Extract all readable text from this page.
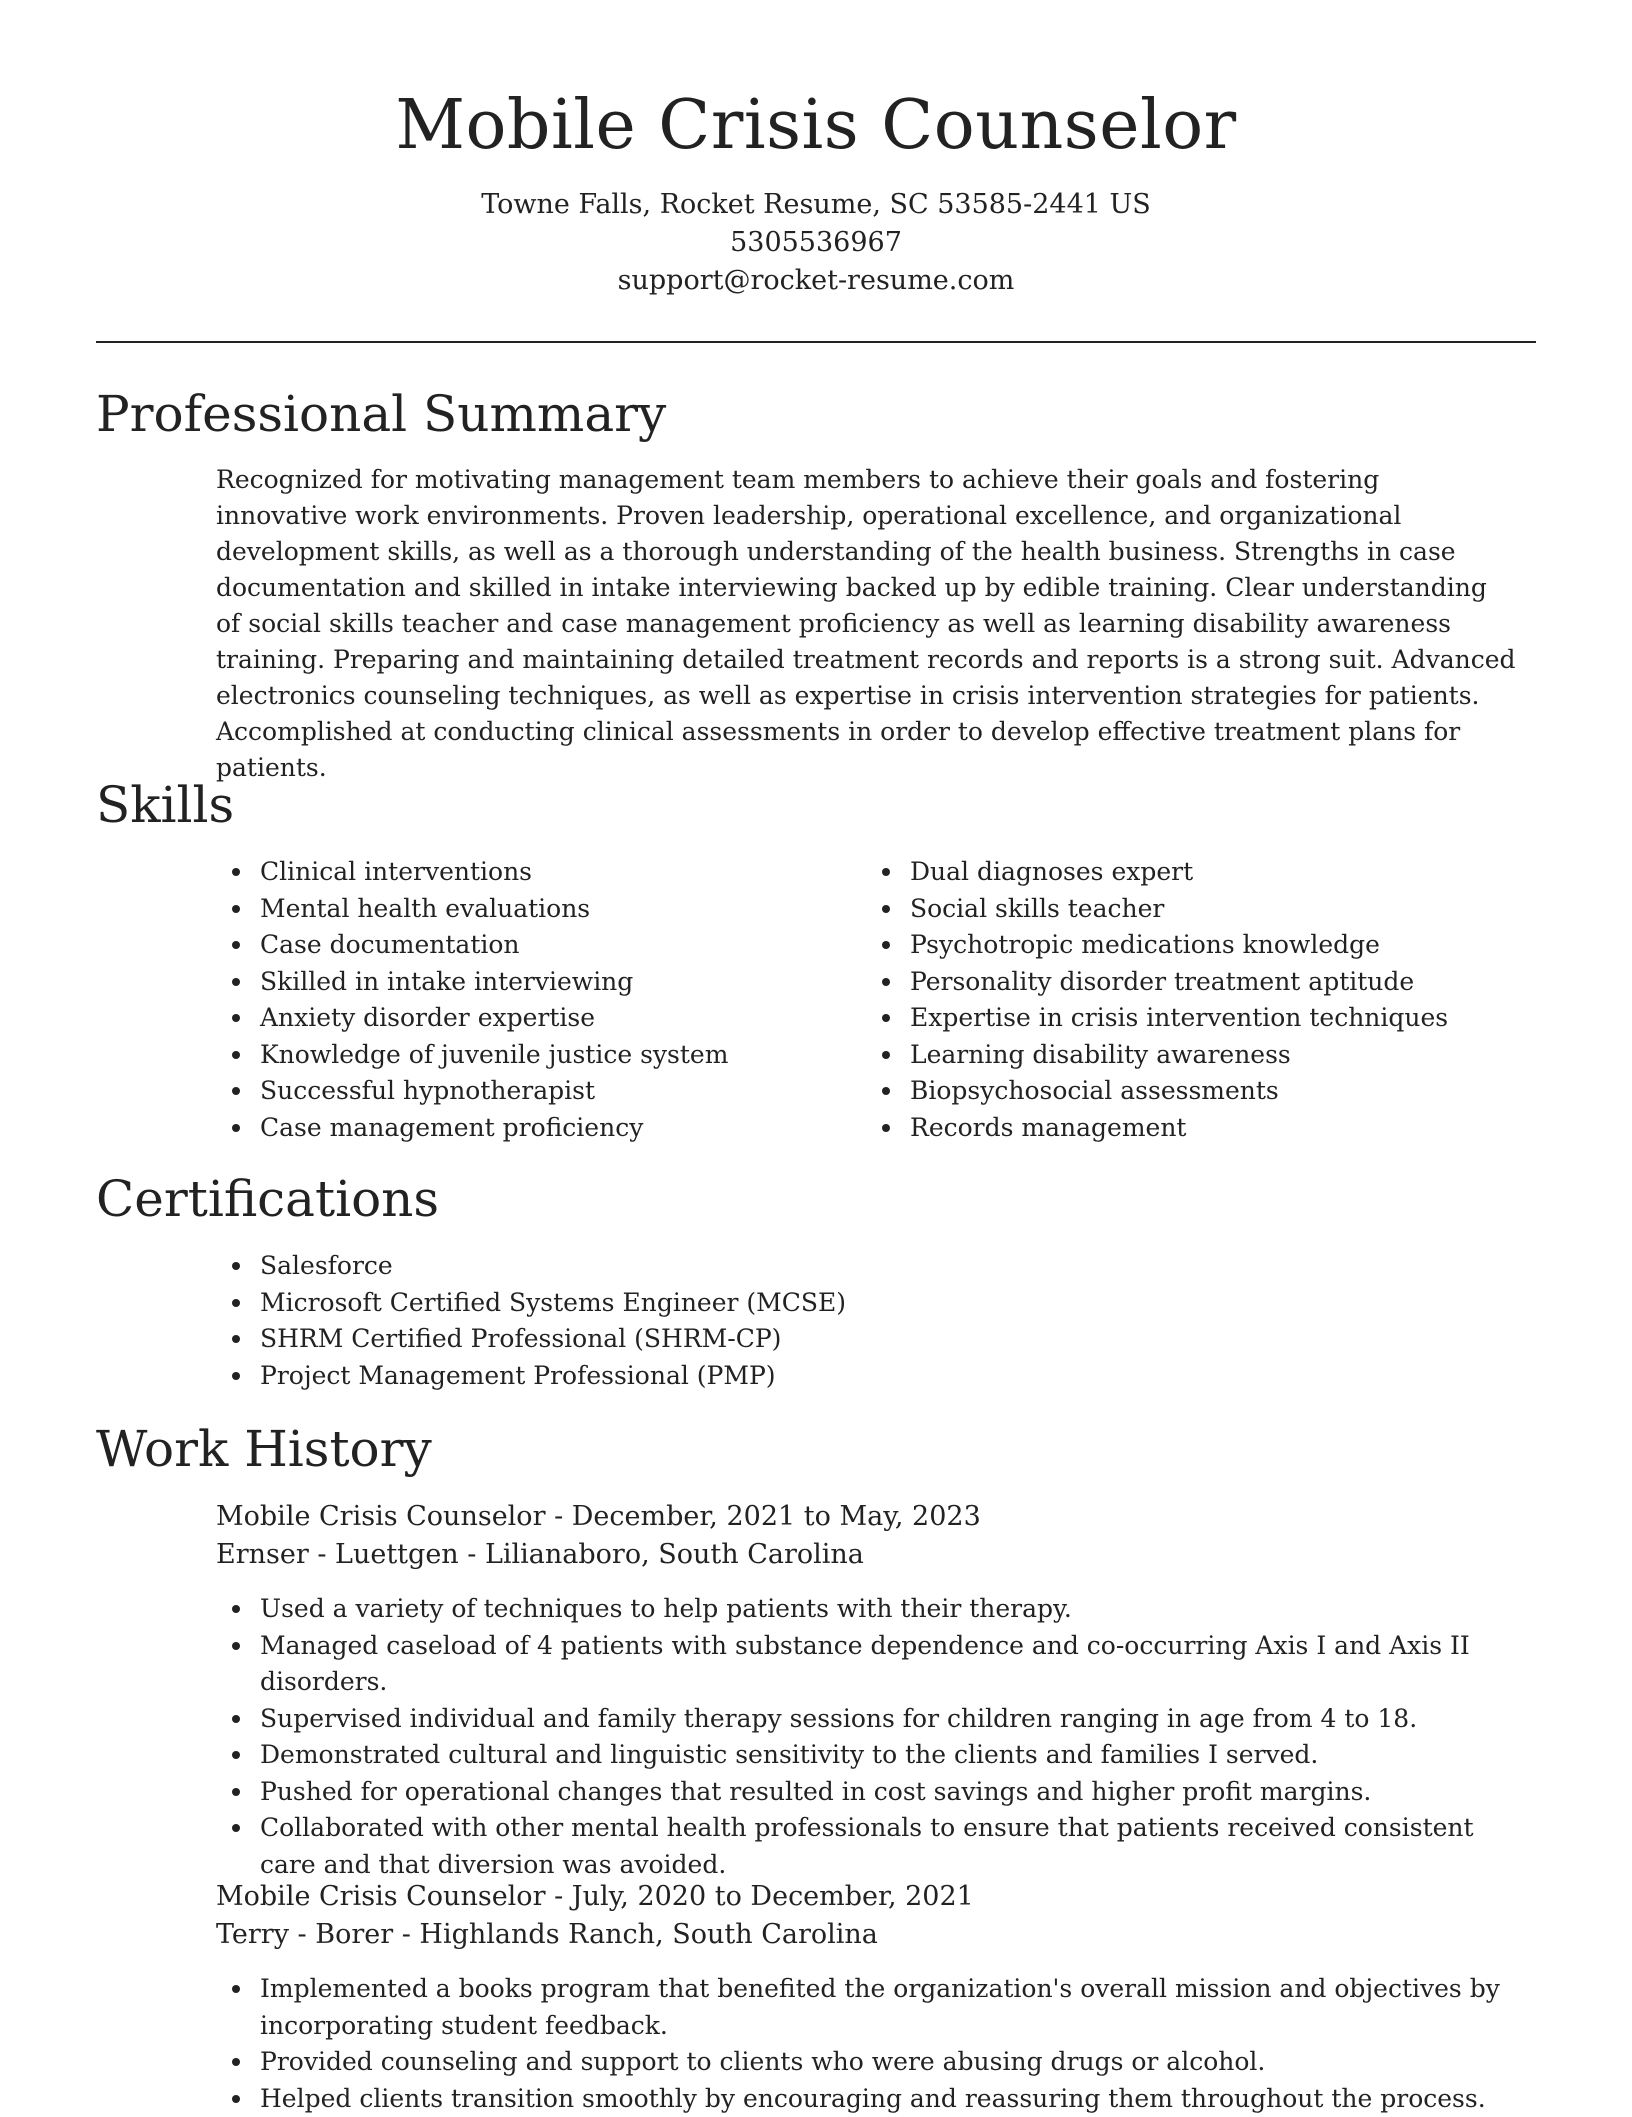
Mobile Crisis Counselor
Towne Falls, Rocket Resume, SC 53585-2441 US
5305536967
support@rocket-resume.com
Professional Summary

Recognized for motivating management team members to achieve their goals and fostering innovative work environments. Proven leadership, operational excellence, and organizational development skills, as well as a thorough understanding of the health business. Strengths in case documentation and skilled in intake interviewing backed up by edible training. Clear understanding of social skills teacher and case management proficiency as well as learning disability awareness training. Preparing and maintaining detailed treatment records and reports is a strong suit. Advanced electronics counseling techniques, as well as expertise in crisis intervention strategies for patients. Accomplished at conducting clinical assessments in order to develop effective treatment plans for patients.

Skills
Clinical interventions
Mental health evaluations
Case documentation
Skilled in intake interviewing
Anxiety disorder expertise
Knowledge of juvenile justice system
Successful hypnotherapist
Case management proficiency
Dual diagnoses expert
Social skills teacher
Psychotropic medications knowledge
Personality disorder treatment aptitude
Expertise in crisis intervention techniques
Learning disability awareness
Biopsychosocial assessments
Records management
Certifications
Salesforce
Microsoft Certified Systems Engineer (MCSE)
SHRM Certified Professional (SHRM-CP)
Project Management Professional (PMP)
Work History
Mobile Crisis Counselor - December, 2021 to May, 2023
Ernser - Luettgen - Lilianaboro, South Carolina
Used a variety of techniques to help patients with their therapy.
Managed caseload of 4 patients with substance dependence and co-occurring Axis I and Axis II disorders.
Supervised individual and family therapy sessions for children ranging in age from 4 to 18.
Demonstrated cultural and linguistic sensitivity to the clients and families I served.
Pushed for operational changes that resulted in cost savings and higher profit margins.
Collaborated with other mental health professionals to ensure that patients received consistent care and that diversion was avoided.
Mobile Crisis Counselor - July, 2020 to December, 2021
Terry - Borer - Highlands Ranch, South Carolina
Implemented a books program that benefited the organization's overall mission and objectives by incorporating student feedback.
Provided counseling and support to clients who were abusing drugs or alcohol.
Helped clients transition smoothly by encouraging and reassuring them throughout the process.
